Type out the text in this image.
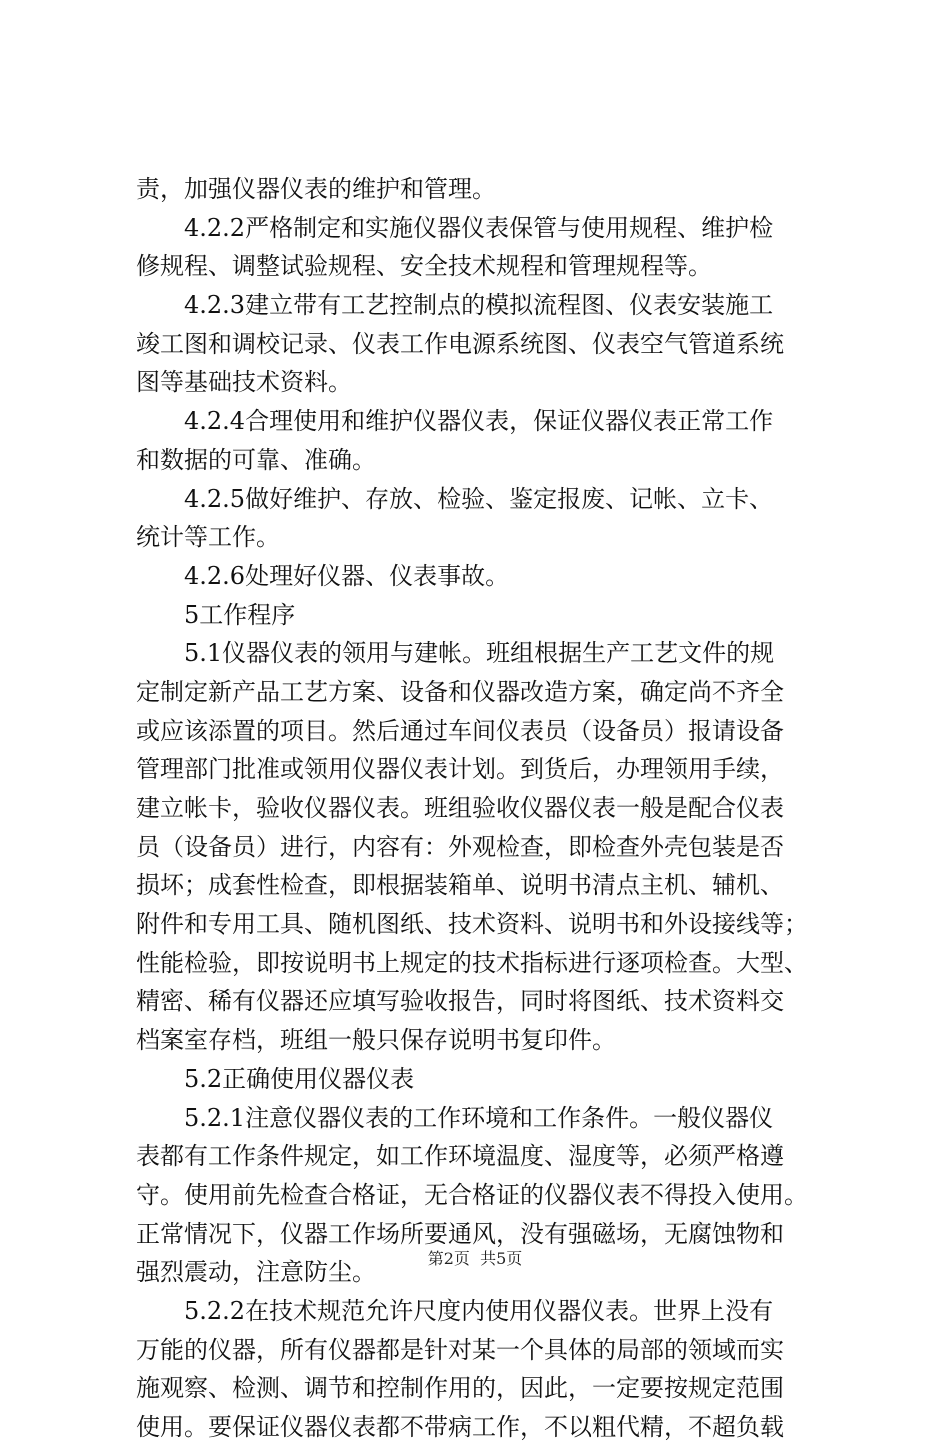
责，加强仪器仪表的维护和管理。
4.2.2严格制定和实施仪器仪表保管与使用规程、维护检
修规程、调整试验规程、安全技术规程和管理规程等。
4.2.3建立带有工艺控制点的模拟流程图、仪表安装施工
竣工图和调校记录、仪表工作电源系统图、仪表空气管道系统
图等基础技术资料。
4.2.4合理使用和维护仪器仪表，保证仪器仪表正常工作
和数据的可靠、准确。
4.2.5做好维护、存放、检验、鉴定报废、记帐、立卡、
统计等工作。
4.2.6处理好仪器、仪表事故。
5工作程序
5.1仪器仪表的领用与建帐。班组根据生产工艺文件的规
定制定新产品工艺方案、设备和仪器改造方案，确定尚不齐全
或应该添置的项目。然后通过车间仪表员（设备员）报请设备
管理部门批准或领用仪器仪表计划。到货后，办理领用手续，
建立帐卡，验收仪器仪表。班组验收仪器仪表一般是配合仪表
员（设备员）进行，内容有：外观检查，即检查外壳包装是否
损坏；成套性检查，即根据装箱单、说明书清点主机、辅机、
附件和专用工具、随机图纸、技术资料、说明书和外设接线等；
性能检验，即按说明书上规定的技术指标进行逐项检查。大型、
精密、稀有仪器还应填写验收报告，同时将图纸、技术资料交
档案室存档，班组一般只保存说明书复印件。
5.2正确使用仪器仪表
5.2.1注意仪器仪表的工作环境和工作条件。一般仪器仪
表都有工作条件规定，如工作环境温度、湿度等，必须严格遵
守。使用前先检查合格证，无合格证的仪器仪表不得投入使用。
正常情况下，仪器工作场所要通风，没有强磁场，无腐蚀物和
强烈震动，注意防尘。
5.2.2在技术规范允许尺度内使用仪器仪表。世界上没有
万能的仪器，所有仪器都是针对某一个具体的局部的领域而实
施观察、检测、调节和控制作用的，因此，一定要按规定范围
使用。要保证仪器仪表都不带病工作，不以粗代精，不超负载
第2页  共5页
